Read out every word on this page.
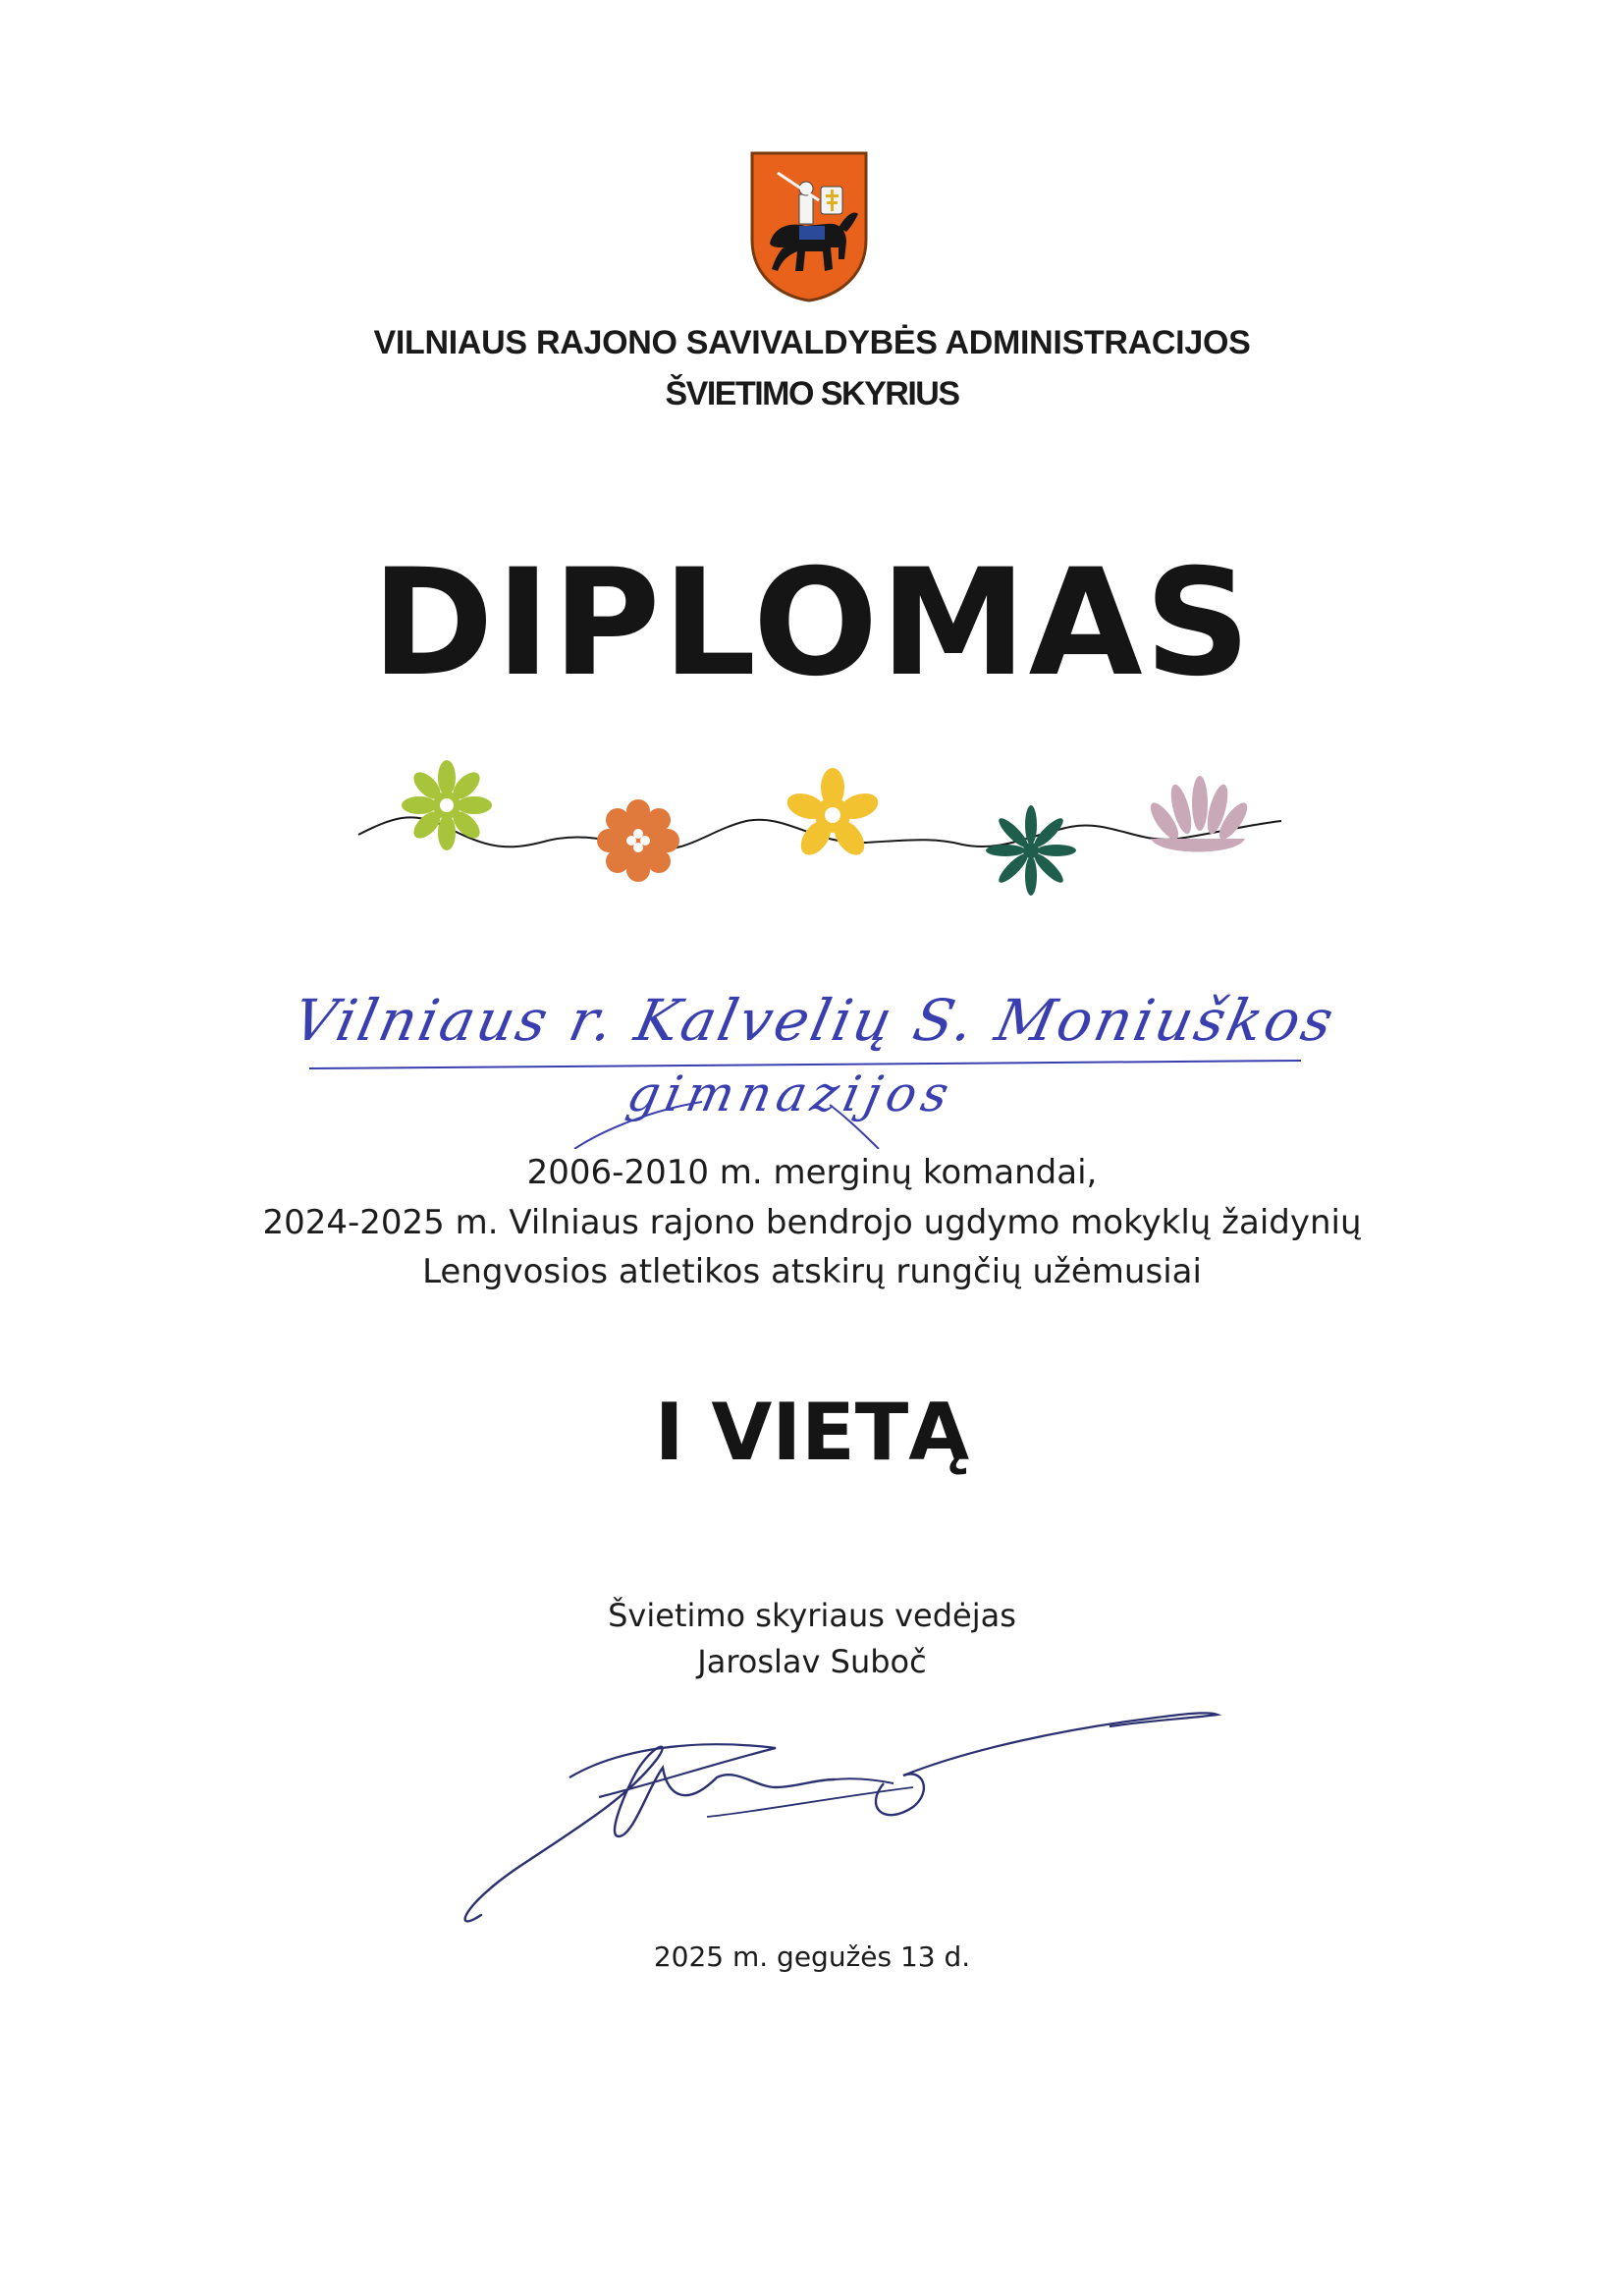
VILNIAUS RAJONO SAVIVALDYBĖS ADMINISTRACIJOS
ŠVIETIMO SKYRIUS
DIPLOMAS
Vilniaus r. Kalvelių S. Moniuškos
gimnazijos
2006-2010 m. merginų komandai,
2024-2025 m. Vilniaus rajono bendrojo ugdymo mokyklų žaidynių
Lengvosios atletikos atskirų rungčių užėmusiai
I VIETĄ
Švietimo skyriaus vedėjas
Jaroslav Suboč
2025 m. gegužės 13 d.
